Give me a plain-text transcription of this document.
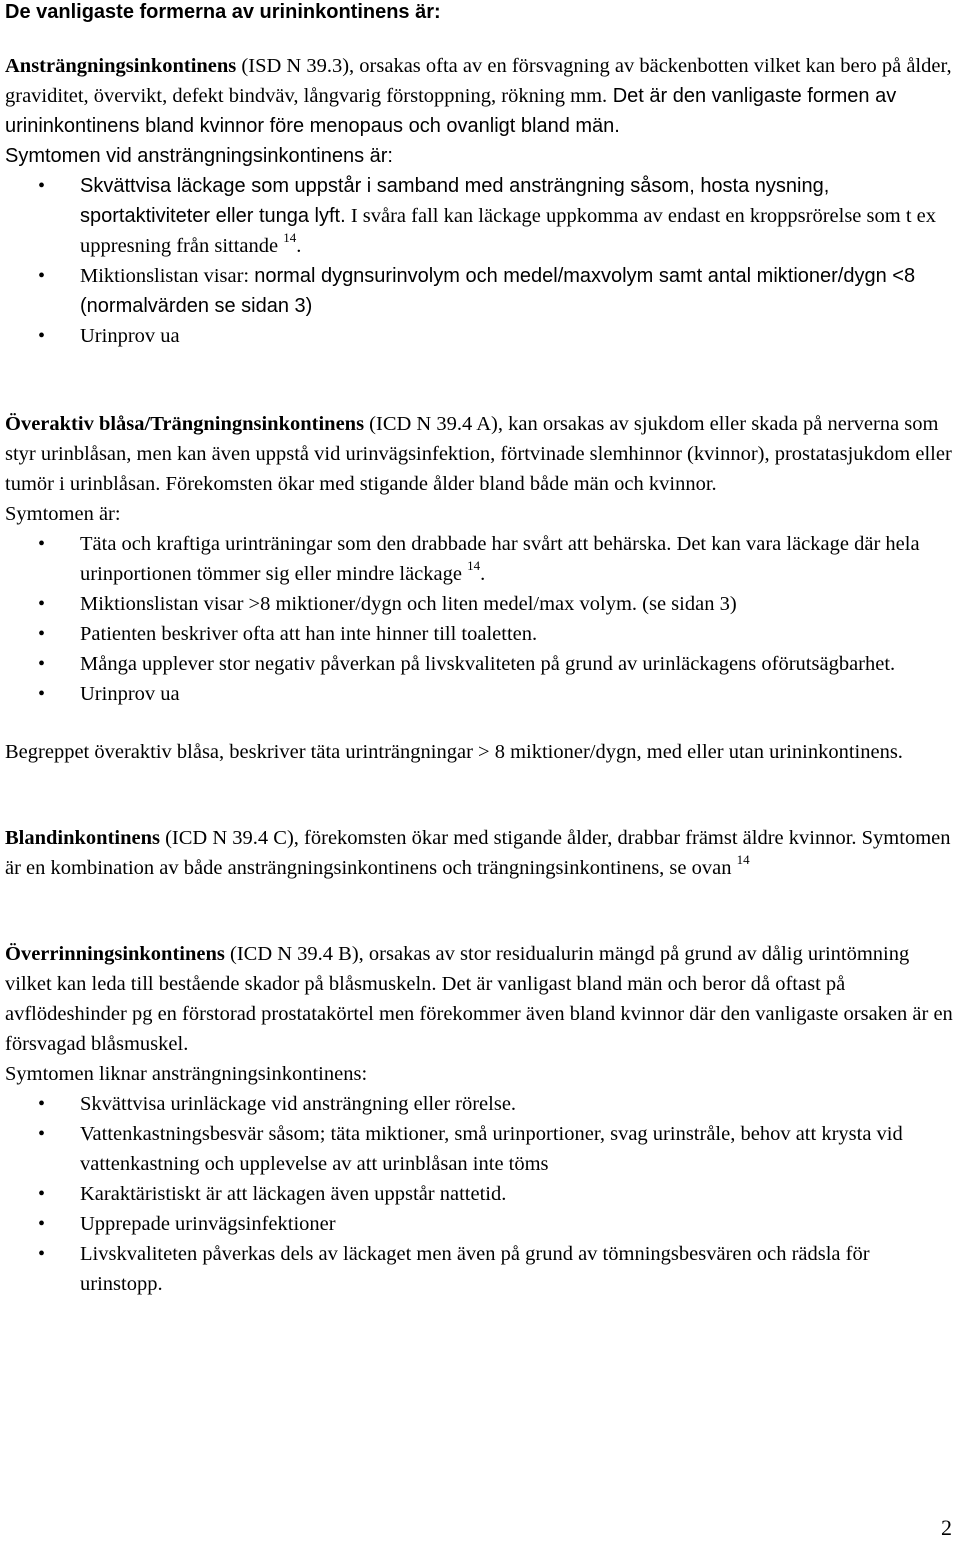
De vanligaste formerna av urininkontinens är:

Ansträngningsinkontinens (ISD N 39.3), orsakas ofta av en försvagning av bäckenbotten vilket kan bero på ålder, graviditet, övervikt, defekt bindväv, långvarig förstoppning, rökning mm. Det är den vanligaste formen av urininkontinens bland kvinnor före menopaus och ovanligt bland män.

Symtomen vid ansträngningsinkontinens är:

• Skvättvisa läckage som uppstår i samband med ansträngning såsom, hosta nysning, sportaktiviteter eller tunga lyft. I svåra fall kan läckage uppkomma av endast en kroppsrörelse som t ex uppresning från sittande $^{14}$.
• Miktionslistan visar: normal dygnsurinvolym och medel/maxvolym samt antal miktioner/dygn <8 (normalvärden se sidan 3)
• Urinprov ua

Överaktiv blåsa/Trängningnsinkontinens (ICD N 39.4 A), kan orsakas av sjukdom eller skada på nerverna som styr urinblåsan, men kan även uppstå vid urinvägsinfektion, förtvinade slemhinnor (kvinnor), prostatasjukdom eller tumör i urinblåsan. Förekomsten ökar med stigande ålder bland både män och kvinnor.

Symtomen är:

• Täta och kraftiga urinträningar som den drabbade har svårt att behärska. Det kan vara läckage där hela urinportionen tömmer sig eller mindre läckage $^{14}$.
• Miktionslistan visar >8 miktioner/dygn och liten medel/max volym. (se sidan 3)
• Patienten beskriver ofta att han inte hinner till toaletten.
• Många upplever stor negativ påverkan på livskvaliteten på grund av urinläckagens oförutsägbarhet.
• Urinprov ua

Begreppet överaktiv blåsa, beskriver täta urinträngningar > 8 miktioner/dygn, med eller utan urininkontinens.

Blandinkontinens (ICD N 39.4 C), förekomsten ökar med stigande ålder, drabbar främst äldre kvinnor. Symtomen är en kombination av både ansträngningsinkontinens och trängningsinkontinens, se ovan $^{14}$

Överrinningsinkontinens (ICD N 39.4 B), orsakas av stor residualurin mängd på grund av dålig urintömning vilket kan leda till bestående skador på blåsmuskeln. Det är vanligast bland män och beror då oftast på avflödeshinder pg en förstorad prostatakörtel men förekommer även bland kvinnor där den vanligaste orsaken är en försvagad blåsmuskel.

Symtomen liknar ansträngningsinkontinens:

• Skvättvisa urinläckage vid ansträngning eller rörelse.
• Vattenkastningsbesvär såsom; täta miktioner, små urinportioner, svag urinstråle, behov att krysta vid vattenkastning och upplevelse av att urinblåsan inte töms
• Karaktäristiskt är att läckagen även uppstår nattetid.
• Upprepade urinvägsinfektioner
• Livskvaliteten påverkas dels av läckaget men även på grund av tömningsbesvären och rädsla för urinstopp.
2
